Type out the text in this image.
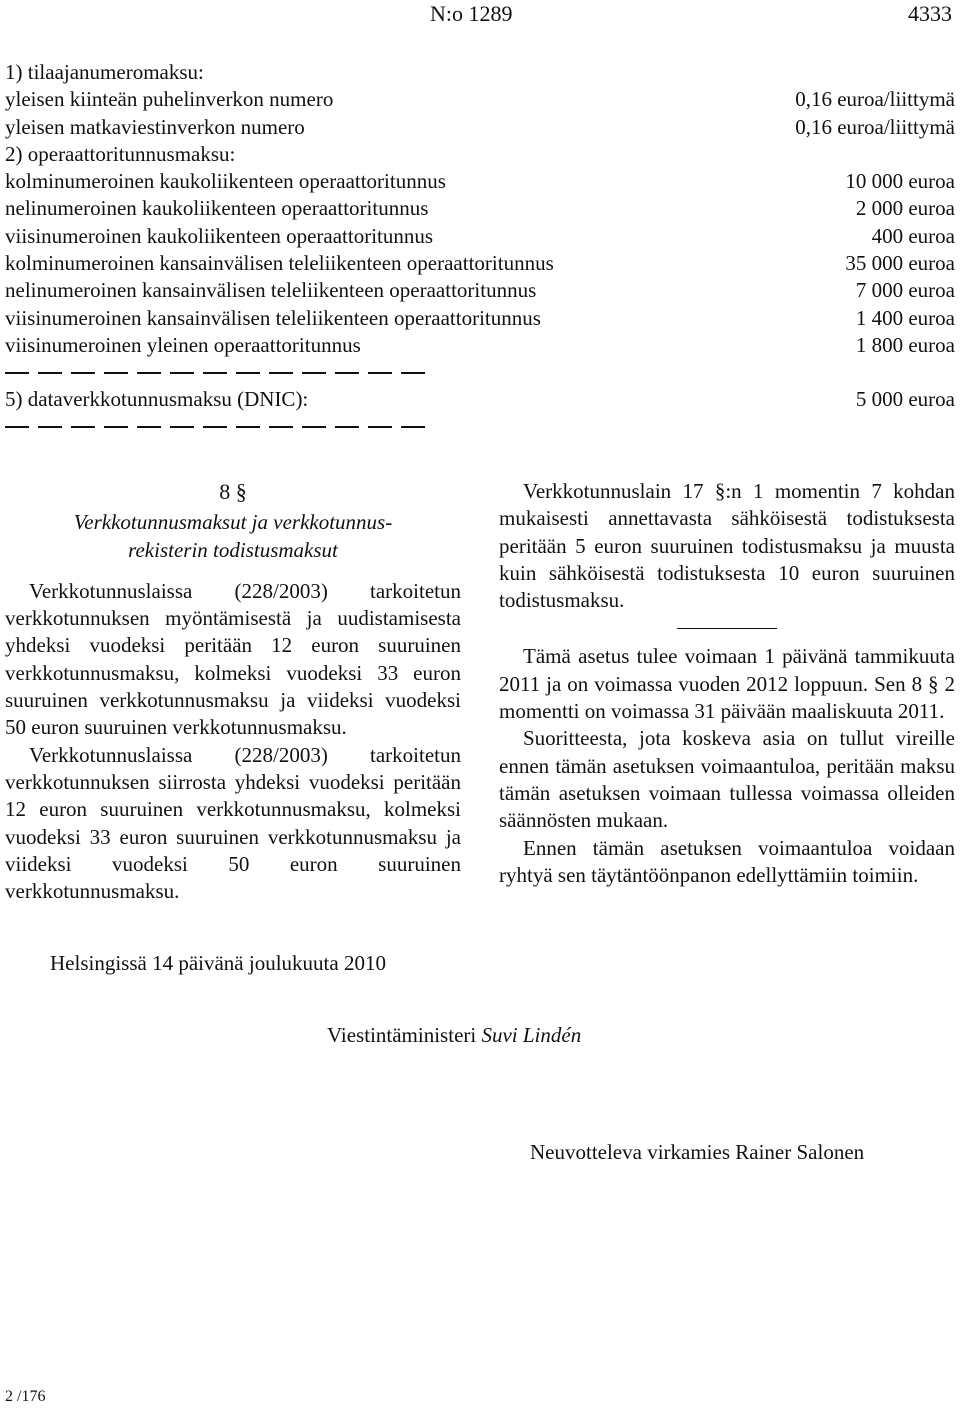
N:o 1289	4333
1) tilaajanumeromaksu:
yleisen kiinteän puhelinverkon numero	0,16 euroa/liittymä
yleisen matkaviestinverkon numero	0,16 euroa/liittymä
2) operaattoritunnusmaksu:
kolminumeroinen kaukoliikenteen operaattoritunnus	10 000 euroa
nelinumeroinen kaukoliikenteen operaattoritunnus	2 000 euroa
viisinumeroinen kaukoliikenteen operaattoritunnus	400 euroa
kolminumeroinen kansainvälisen teleliikenteen operaattoritunnus	35 000 euroa
nelinumeroinen kansainvälisen teleliikenteen operaattoritunnus	7 000 euroa
viisinumeroinen kansainvälisen teleliikenteen operaattoritunnus	1 400 euroa
viisinumeroinen yleinen operaattoritunnus	1 800 euroa
5) dataverkkotunnusmaksu (DNIC):	5 000 euroa
8 §
Verkkotunnusmaksut ja verkkotunnus-
rekisterin todistusmaksut
Verkkotunnuslaissa (228/2003) tarkoitetun verkkotunnuksen myöntämisestä ja uudistamisesta yhdeksi vuodeksi peritään 12 euron suuruinen verkkotunnusmaksu, kolmeksi vuodeksi 33 euron suuruinen verkkotunnusmaksu ja viideksi vuodeksi 50 euron suuruinen verkkotunnusmaksu.
Verkkotunnuslaissa (228/2003) tarkoitetun verkkotunnuksen siirrosta yhdeksi vuodeksi peritään 12 euron suuruinen verkkotunnusmaksu, kolmeksi vuodeksi 33 euron suuruinen verkkotunnusmaksu ja viideksi vuodeksi 50 euron suuruinen verkkotunnusmaksu.
Verkkotunnuslain 17 §:n 1 momentin 7 kohdan mukaisesti annettavasta sähköisestä todistuksesta peritään 5 euron suuruinen todistusmaksu ja muusta kuin sähköisestä todistuksesta 10 euron suuruinen todistusmaksu.
Tämä asetus tulee voimaan 1 päivänä tammikuuta 2011 ja on voimassa vuoden 2012 loppuun. Sen 8 § 2 momentti on voimassa 31 päivään maaliskuuta 2011.
Suoritteesta, jota koskeva asia on tullut vireille ennen tämän asetuksen voimaantuloa, peritään maksu tämän asetuksen voimaan tullessa voimassa olleiden säännösten mukaan.
Ennen tämän asetuksen voimaantuloa voidaan ryhtyä sen täytäntöönpanon edellyttämiin toimiin.
Helsingissä 14 päivänä joulukuuta 2010
Viestintäministeri Suvi Lindén
Neuvotteleva virkamies Rainer Salonen
2 /176
